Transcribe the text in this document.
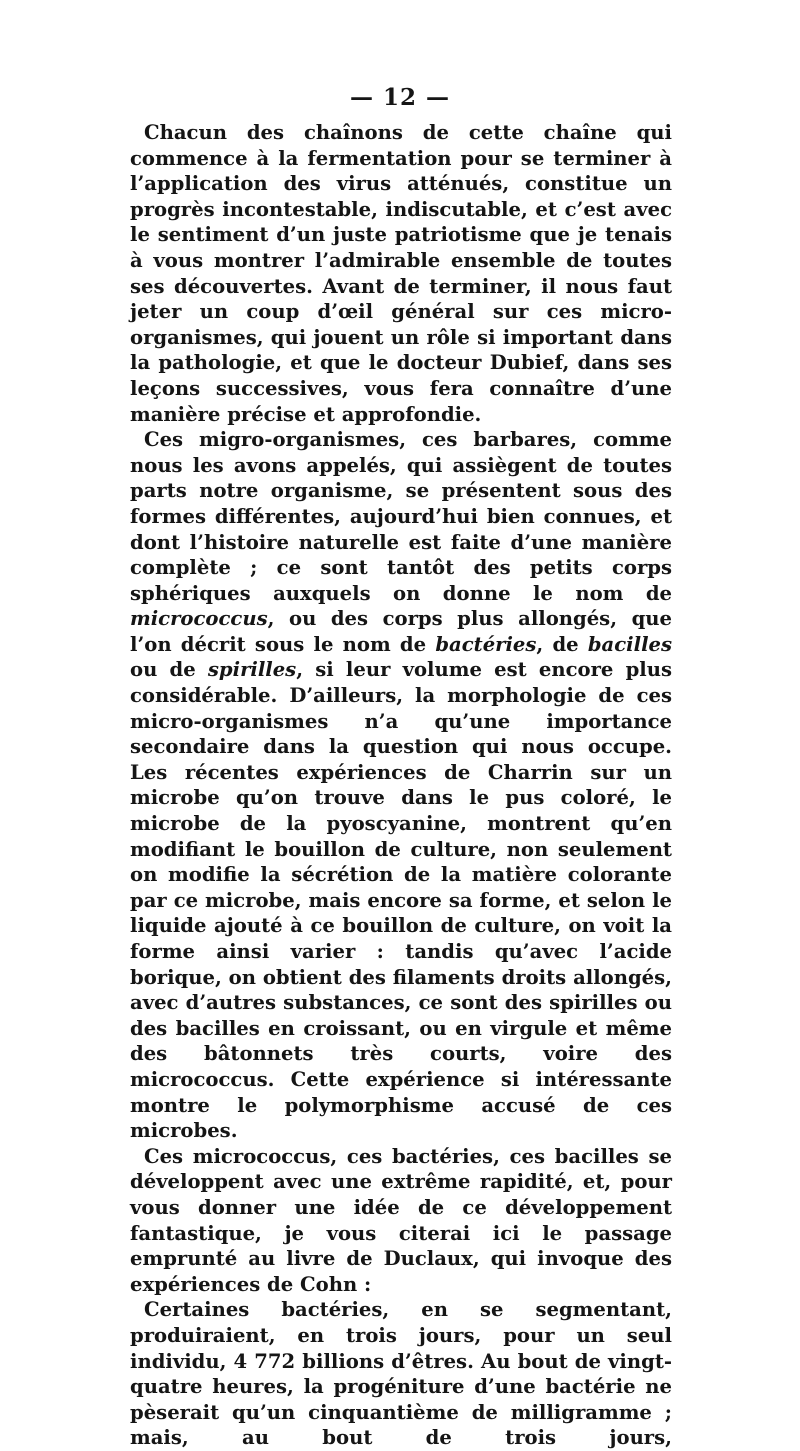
— 12 —

Chacun des chaînons de cette chaîne qui commence à la fermentation pour se terminer à l’application des virus atténués, constitue un progrès incontestable, indiscutable, et c’est avec le sentiment d’un juste patriotisme que je tenais à vous montrer l’admirable ensemble de toutes ses découvertes. Avant de terminer, il nous faut jeter un coup d’œil général sur ces micro-organismes, qui jouent un rôle si important dans la pathologie, et que le docteur Dubief, dans ses leçons successives, vous fera connaître d’une manière précise et approfondie.

Ces migro-organismes, ces barbares, comme nous les avons appelés, qui assiègent de toutes parts notre organisme, se présentent sous des formes différentes, aujourd’hui bien connues, et dont l’histoire naturelle est faite d’une manière complète ; ce sont tantôt des petits corps sphériques auxquels on donne le nom de micrococcus, ou des corps plus allongés, que l’on décrit sous le nom de bactéries, de bacilles ou de spirilles, si leur volume est encore plus considérable. D’ailleurs, la morphologie de ces micro-organismes n’a qu’une importance secondaire dans la question qui nous occupe. Les récentes expériences de Charrin sur un microbe qu’on trouve dans le pus coloré, le microbe de la pyoscyanine, montrent qu’en modifiant le bouillon de culture, non seulement on modifie la sécrétion de la matière colorante par ce microbe, mais encore sa forme, et selon le liquide ajouté à ce bouillon de culture, on voit la forme ainsi varier : tandis qu’avec l’acide borique, on obtient des filaments droits allongés, avec d’autres substances, ce sont des spirilles ou des bacilles en croissant, ou en virgule et même des bâtonnets très courts, voire des micrococcus. Cette expérience si intéressante montre le polymorphisme accusé de ces microbes.

Ces micrococcus, ces bactéries, ces bacilles se développent avec une extrême rapidité, et, pour vous donner une idée de ce développement fantastique, je vous citerai ici le passage emprunté au livre de Duclaux, qui invoque des expériences de Cohn :

Certaines bactéries, en se segmentant, produiraient, en trois jours, pour un seul individu, 4 772 billions d’êtres. Au bout de vingt-quatre heures, la progéniture d’une bactérie ne pèserait qu’un cinquantième de milligramme ; mais, au bout de trois jours,
